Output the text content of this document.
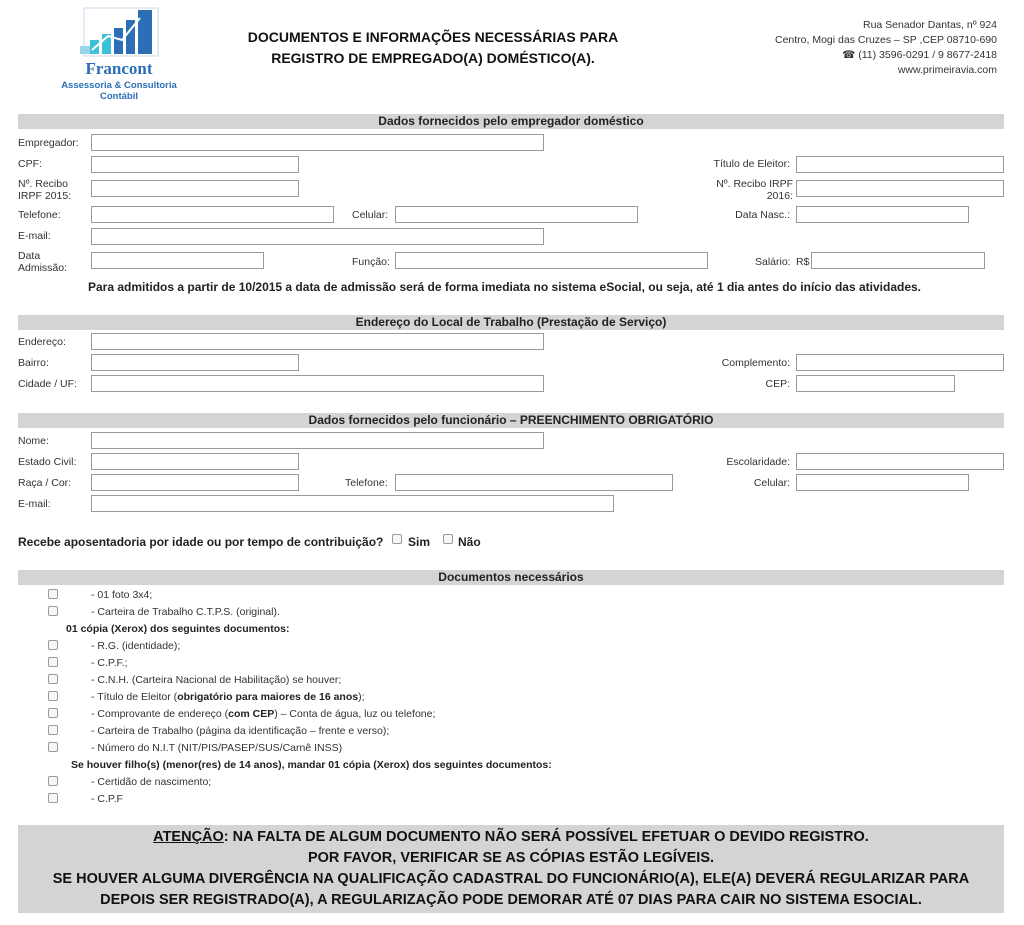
Francont
Assessoria & Consultoria Contábil
DOCUMENTOS E INFORMAÇÕES NECESSÁRIAS PARA
REGISTRO DE EMPREGADO(A) DOMÉSTICO(A).
Rua Senador Dantas, nº 924
Centro, Mogi das Cruzes – SP ,CEP 08710-690
☎ (11) 3596-0291 / 9 8677-2418
www.primeiravia.com
Dados fornecidos pelo empregador doméstico
Empregador:
CPF:	Título de Eleitor:
Nº. Recibo
IRPF 2015:
Nº. Recibo IRPF
2016:
Telefone:	Celular:	Data Nasc.:
E-mail:
Data
Admissão:	Função:	Salário: R$
Para admitidos a partir de 10/2015 a data de admissão será de forma imediata no sistema eSocial, ou seja, até 1 dia antes do início das atividades.
Endereço do Local de Trabalho (Prestação de Serviço)
Endereço:
Bairro:	Complemento:
Cidade / UF:	CEP:
Dados fornecidos pelo funcionário – PREENCHIMENTO OBRIGATÓRIO
Nome:
Estado Civil:	Escolaridade:
Raça / Cor:	Telefone:	Celular:
E-mail:
Recebe aposentadoria por idade ou por tempo de contribuição? Sim Não
Documentos necessários
- 01 foto 3x4;
- Carteira de Trabalho C.T.P.S. (original).
01 cópia (Xerox) dos seguintes documentos:
- R.G. (identidade);
- C.P.F.;
- C.N.H. (Carteira Nacional de Habilitação) se houver;
- Título de Eleitor (obrigatório para maiores de 16 anos);
- Comprovante de endereço (com CEP) – Conta de água, luz ou telefone;
- Carteira de Trabalho (página da identificação – frente e verso);
- Número do N.I.T (NIT/PIS/PASEP/SUS/Carnê INSS)
Se houver filho(s) (menor(res) de 14 anos), mandar 01 cópia (Xerox) dos seguintes documentos:
- Certidão de nascimento;
- C.P.F
ATENÇÃO: NA FALTA DE ALGUM DOCUMENTO NÃO SERÁ POSSÍVEL EFETUAR O DEVIDO REGISTRO.
POR FAVOR, VERIFICAR SE AS CÓPIAS ESTÃO LEGÍVEIS.
SE HOUVER ALGUMA DIVERGÊNCIA NA QUALIFICAÇÃO CADASTRAL DO FUNCIONÁRIO(A), ELE(A) DEVERÁ REGULARIZAR PARA
DEPOIS SER REGISTRADO(A), A REGULARIZAÇÃO PODE DEMORAR ATÉ 07 DIAS PARA CAIR NO SISTEMA ESOCIAL.
